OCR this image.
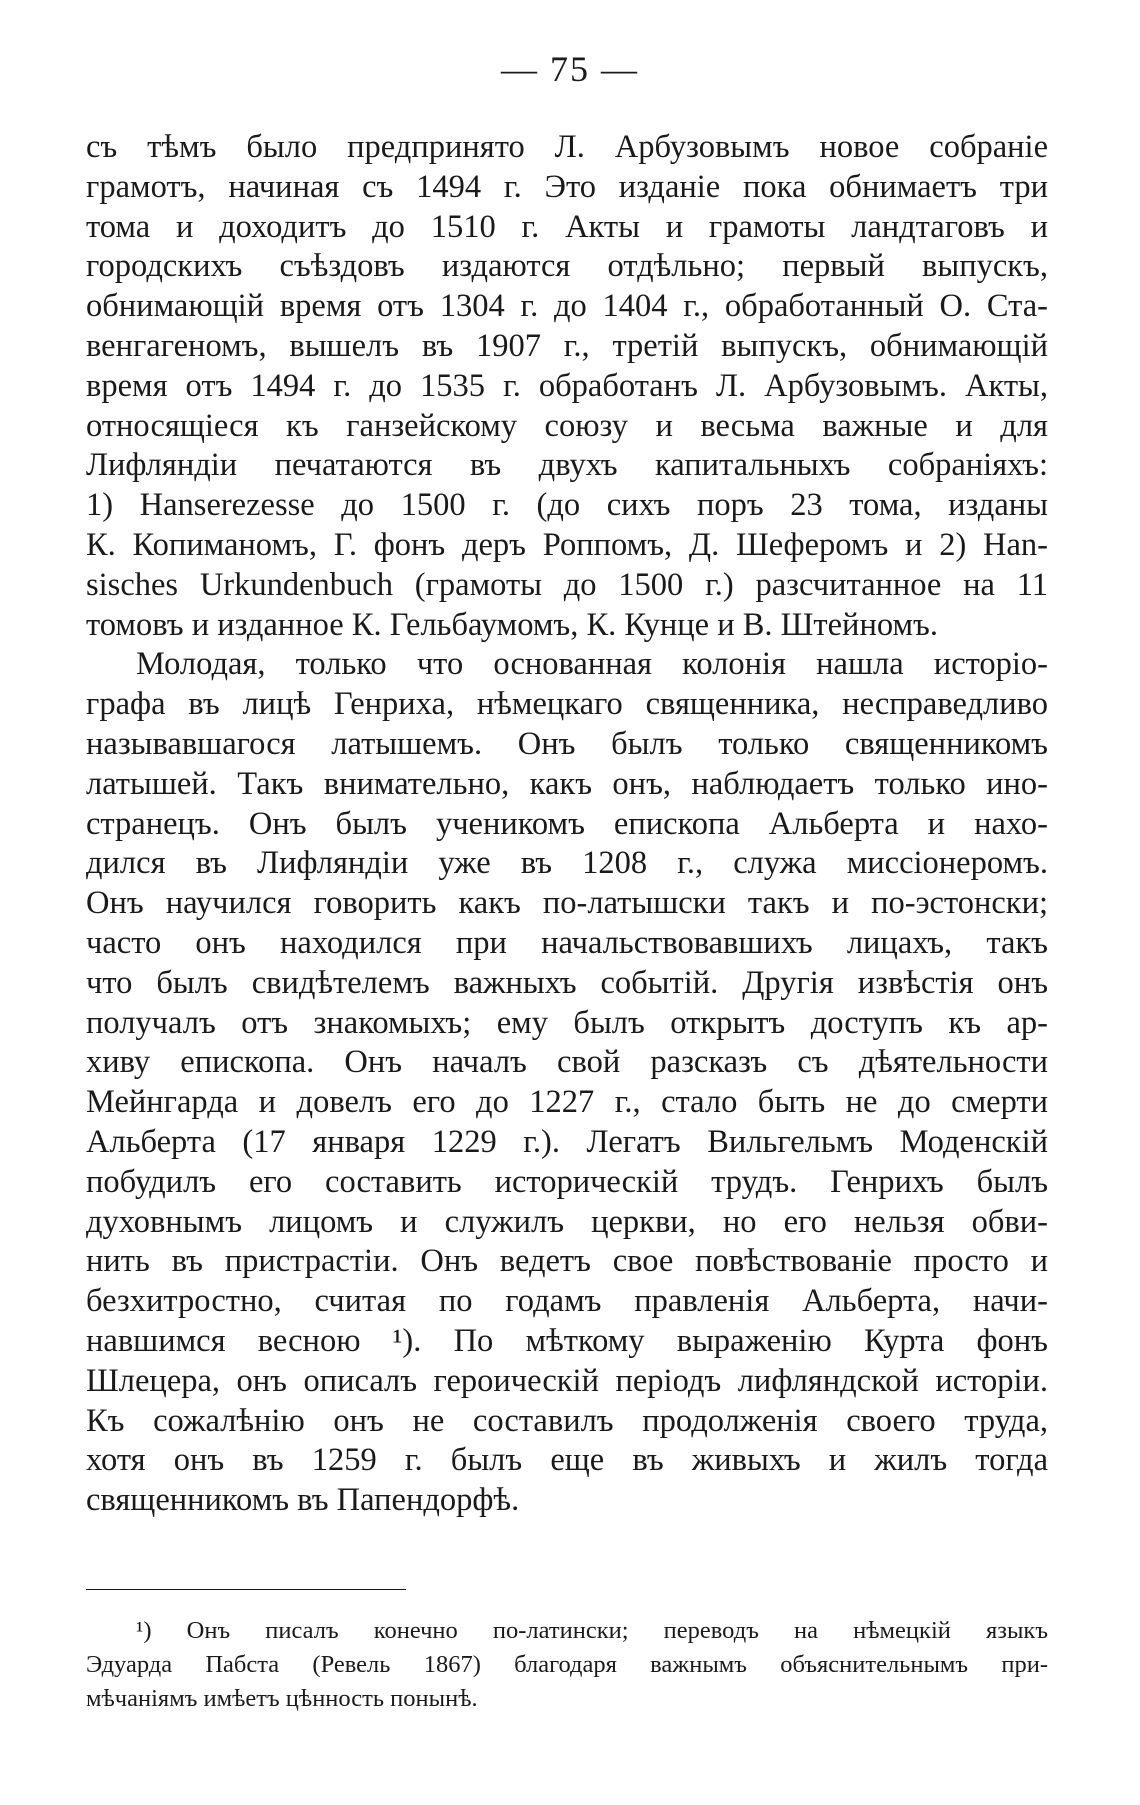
— 75 —
съ тѣмъ было предпринято Л. Арбузовымъ новое собраніе
грамотъ, начиная съ 1494 г. Это изданіе пока обнимаетъ три
тома и доходитъ до 1510 г. Акты и грамоты ландтаговъ и
городскихъ съѣздовъ издаются отдѣльно; первый выпускъ,
обнимающій время отъ 1304 г. до 1404 г., обработанный О. Ста-
венгагеномъ, вышелъ въ 1907 г., третій выпускъ, обнимающій
время отъ 1494 г. до 1535 г. обработанъ Л. Арбузовымъ. Акты,
относящіеся къ ганзейскому союзу и весьма важные и для
Лифляндіи печатаются въ двухъ капитальныхъ собраніяхъ:
1) Hanserezesse до 1500 г. (до сихъ поръ 23 тома, изданы
К. Копиманомъ, Г. фонъ деръ Роппомъ, Д. Шеферомъ и 2) Han-
sisches Urkundenbuch (грамоты до 1500 г.) разсчитанное на 11
томовъ и изданное К. Гельбаумомъ, К. Кунце и В. Штейномъ.
Молодая, только что основанная колонія нашла исторіо-
графа въ лицѣ Генриха, нѣмецкаго священника, несправедливо
называвшагося латышемъ. Онъ былъ только священникомъ
латышей. Такъ внимательно, какъ онъ, наблюдаетъ только ино-
странецъ. Онъ былъ ученикомъ епископа Альберта и нахо-
дился въ Лифляндіи уже въ 1208 г., служа миссіонеромъ.
Онъ научился говорить какъ по-латышски такъ и по-эстонски;
часто онъ находился при начальствовавшихъ лицахъ, такъ
что былъ свидѣтелемъ важныхъ событій. Другія извѣстія онъ
получалъ отъ знакомыхъ; ему былъ открытъ доступъ къ ар-
хиву епископа. Онъ началъ свой разсказъ съ дѣятельности
Мейнгарда и довелъ его до 1227 г., стало быть не до смерти
Альберта (17 января 1229 г.). Легатъ Вильгельмъ Моденскій
побудилъ его составить историческій трудъ. Генрихъ былъ
духовнымъ лицомъ и служилъ церкви, но его нельзя обви-
нить въ пристрастіи. Онъ ведетъ свое повѣствованіе просто и
безхитростно, считая по годамъ правленія Альберта, начи-
навшимся весною ¹). По мѣткому выраженію Курта фонъ
Шлецера, онъ описалъ героическій періодъ лифляндской исторіи.
Къ сожалѣнію онъ не составилъ продолженія своего труда,
хотя онъ въ 1259 г. былъ еще въ живыхъ и жилъ тогда
священникомъ въ Папендорфѣ.
¹) Онъ писалъ конечно по-латински; переводъ на нѣмецкій языкъ
Эдуарда Пабста (Ревель 1867) благодаря важнымъ объяснительнымъ при-
мѣчаніямъ имѣетъ цѣнность понынѣ.
